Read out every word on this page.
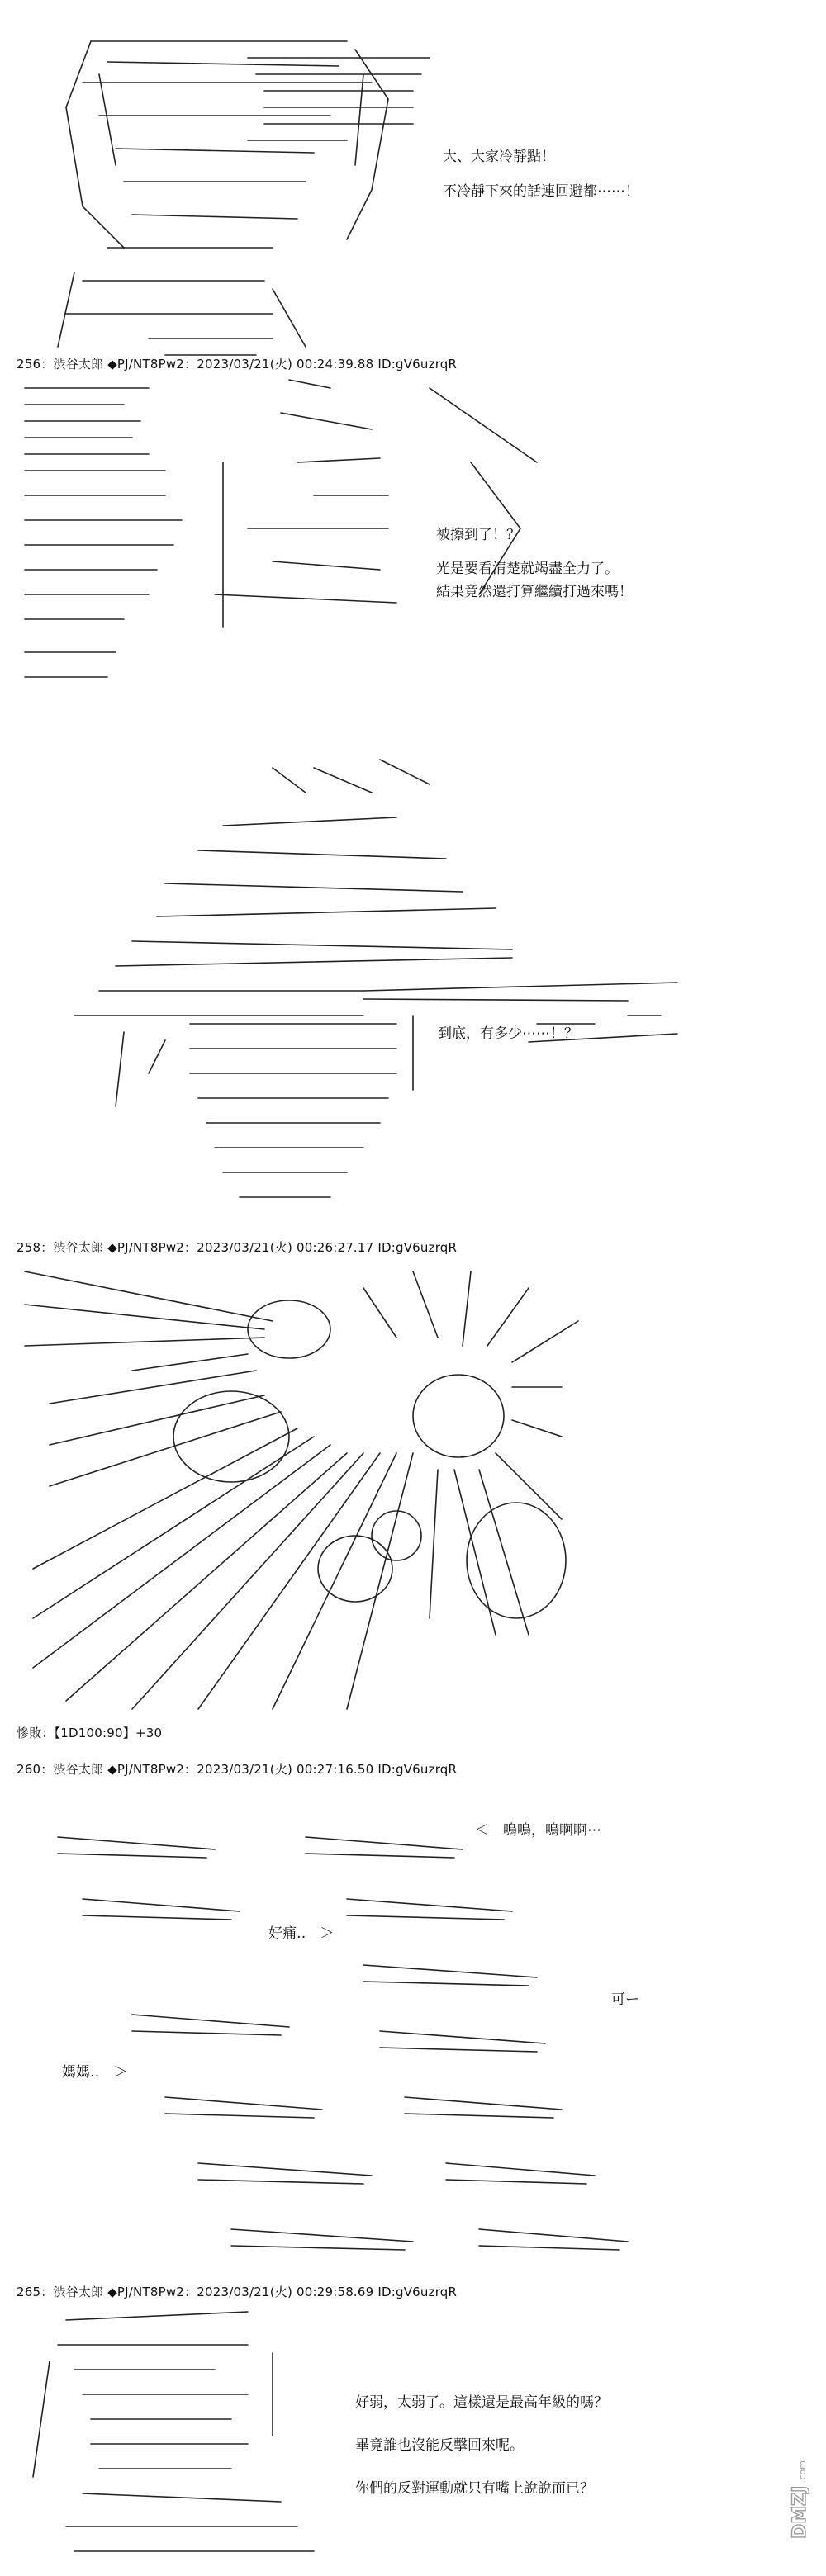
大、大家冷靜點！
不冷靜下來的話連回避都⋯⋯！
256：渋谷太郎 ◆PJ/NT8Pw2：2023/03/21(火) 00:24:39.88 ID:gV6uzrqR
被擦到了！？
光是要看清楚就竭盡全力了。
結果竟然還打算繼續打過來嗎！
到底，有多少⋯⋯！？
258：渋谷太郎 ◆PJ/NT8Pw2：2023/03/21(火) 00:26:27.17 ID:gV6uzrqR
慘敗：【1D100:90】+30
260：渋谷太郎 ◆PJ/NT8Pw2：2023/03/21(火) 00:27:16.50 ID:gV6uzrqR
＜　嗚嗚，嗚啊啊⋯
好痛‥　＞
可ー
媽媽‥　＞
265：渋谷太郎 ◆PJ/NT8Pw2：2023/03/21(火) 00:29:58.69 ID:gV6uzrqR
好弱，太弱了。這樣還是最高年級的嗎？
畢竟誰也沒能反擊回來呢。
你們的反對運動就只有嘴上說說而已？	DMZJ
.com
